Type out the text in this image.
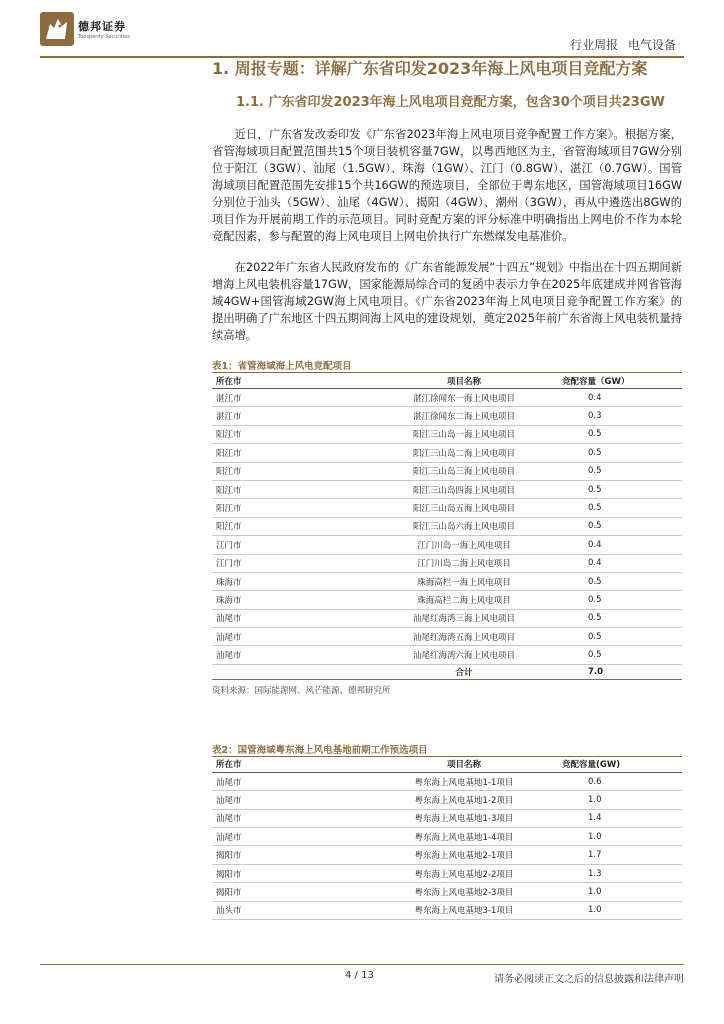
德邦证券
Topsperity Securities
行业周报 电气设备
1. 周报专题：详解广东省印发2023年海上风电项目竞配方案
1.1. 广东省印发2023年海上风电项目竞配方案，包含30个项目共23GW

近日，广东省发改委印发《广东省2023年海上风电项目竞争配置工作方案》。根据方案，省管海域项目配置范围共15个项目装机容量7GW，以粤西地区为主，省管海域项目7GW分别位于阳江（3GW）、汕尾（1.5GW）、珠海（1GW）、江门（0.8GW）、湛江（0.7GW）。国管海域项目配置范围先安排15个共16GW的预选项目，全部位于粤东地区，国管海域项目16GW分别位于汕头（5GW）、汕尾（4GW）、揭阳（4GW）、潮州（3GW），再从中遴选出8GW的项目作为开展前期工作的示范项目。同时竞配方案的评分标准中明确指出上网电价不作为本轮竞配因素，参与配置的海上风电项目上网电价执行广东燃煤发电基准价。

在2022年广东省人民政府发布的《广东省能源发展“十四五”规划》中指出在十四五期间新增海上风电装机容量17GW，国家能源局综合司的复函中表示力争在2025年底建成并网省管海域4GW+国管海域2GW海上风电项目。《广东省2023年海上风电项目竞争配置工作方案》的提出明确了广东地区十四五期间海上风电的建设规划，奠定2025年前广东省海上风电装机量持续高增。

表1：省管海域海上风电竞配项目
所在市	项目名称	竞配容量（GW）
湛江市	湛江徐闻东一海上风电项目	0.4
湛江市	湛江徐闻东二海上风电项目	0.3
阳江市	阳江三山岛一海上风电项目	0.5
阳江市	阳江三山岛二海上风电项目	0.5
阳江市	阳江三山岛三海上风电项目	0.5
阳江市	阳江三山岛四海上风电项目	0.5
阳江市	阳江三山岛五海上风电项目	0.5
阳江市	阳江三山岛六海上风电项目	0.5
江门市	江门川岛一海上风电项目	0.4
江门市	江门川岛二海上风电项目	0.4
珠海市	珠海高栏一海上风电项目	0.5
珠海市	珠海高栏二海上风电项目	0.5
汕尾市	汕尾红海湾三海上风电项目	0.5
汕尾市	汕尾红海湾五海上风电项目	0.5
汕尾市	汕尾红海湾六海上风电项目	0.5
	合计	7.0
资料来源：国际能源网、风芒能源、德邦研究所
表2：国管海域粤东海上风电基地前期工作预选项目
所在市	项目名称	竞配容量(GW)
汕尾市	粤东海上风电基地1-1项目	0.6
汕尾市	粤东海上风电基地1-2项目	1.0
汕尾市	粤东海上风电基地1-3项目	1.4
汕尾市	粤东海上风电基地1-4项目	1.0
揭阳市	粤东海上风电基地2-1项目	1.7
揭阳市	粤东海上风电基地2-2项目	1.3
揭阳市	粤东海上风电基地2-3项目	1.0
汕头市	粤东海上风电基地3-1项目	1.0
4 / 13	请务必阅读正文之后的信息披露和法律声明
